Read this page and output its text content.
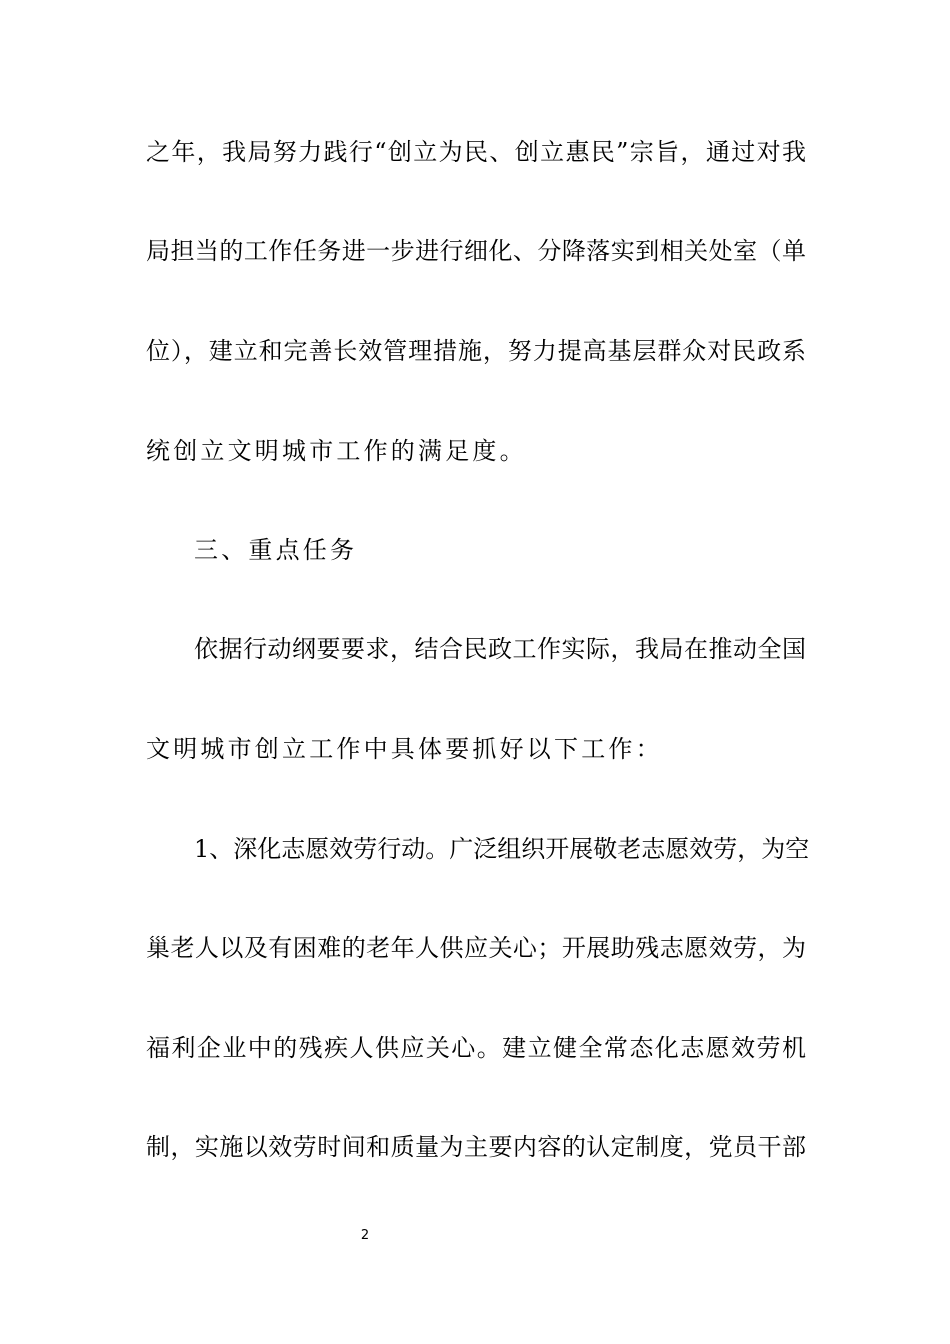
之年，我局努力践行“创立为民、创立惠民”宗旨，通过对我
局担当的工作任务进一步进行细化、分降落实到相关处室（单
位），建立和完善长效管理措施，努力提高基层群众对民政系
统创立文明城市工作的满足度。
三、重点任务
依据行动纲要要求，结合民政工作实际，我局在推动全国
文明城市创立工作中具体要抓好以下工作：
1、深化志愿效劳行动。广泛组织开展敬老志愿效劳，为空
巢老人以及有困难的老年人供应关心；开展助残志愿效劳，为
福利企业中的残疾人供应关心。建立健全常态化志愿效劳机
制，实施以效劳时间和质量为主要内容的认定制度，党员干部
2
